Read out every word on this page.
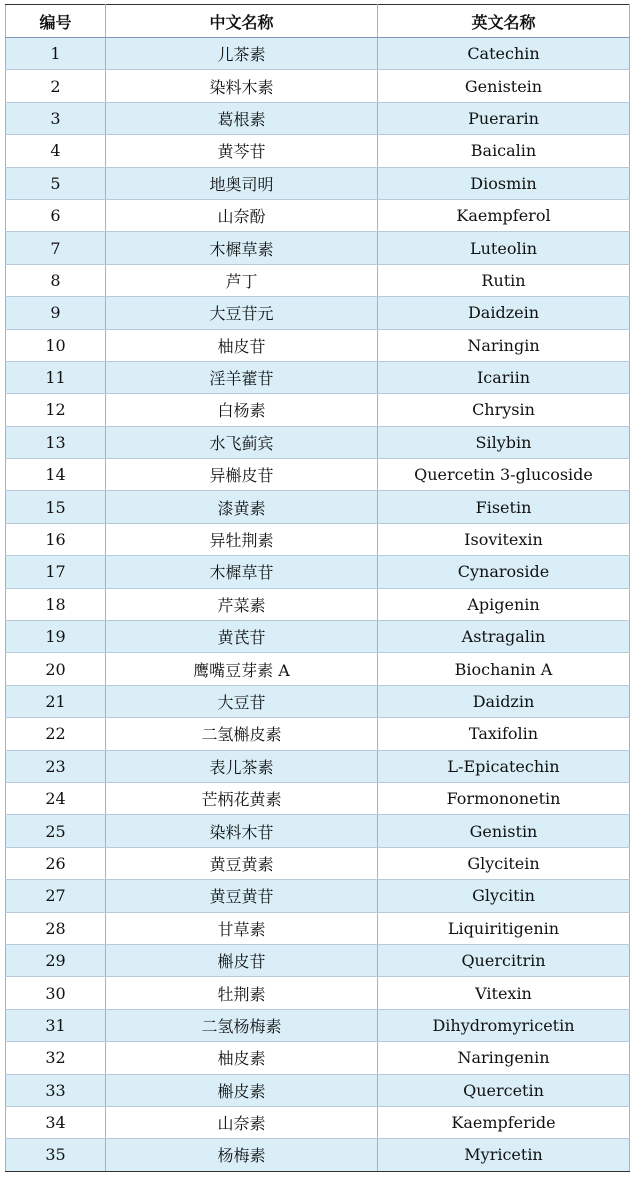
编号	中文名称	英文名称
1	儿茶素	Catechin
2	染料木素	Genistein
3	葛根素	Puerarin
4	黄芩苷	Baicalin
5	地奥司明	Diosmin
6	山奈酚	Kaempferol
7	木樨草素	Luteolin
8	芦丁	Rutin
9	大豆苷元	Daidzein
10	柚皮苷	Naringin
11	淫羊藿苷	Icariin
12	白杨素	Chrysin
13	水飞蓟宾	Silybin
14	异槲皮苷	Quercetin 3-glucoside
15	漆黄素	Fisetin
16	异牡荆素	Isovitexin
17	木樨草苷	Cynaroside
18	芹菜素	Apigenin
19	黄芪苷	Astragalin
20	鹰嘴豆芽素 A	Biochanin A
21	大豆苷	Daidzin
22	二氢槲皮素	Taxifolin
23	表儿茶素	L-Epicatechin
24	芒柄花黄素	Formononetin
25	染料木苷	Genistin
26	黄豆黄素	Glycitein
27	黄豆黄苷	Glycitin
28	甘草素	Liquiritigenin
29	槲皮苷	Quercitrin
30	牡荆素	Vitexin
31	二氢杨梅素	Dihydromyricetin
32	柚皮素	Naringenin
33	槲皮素	Quercetin
34	山奈素	Kaempferide
35	杨梅素	Myricetin
